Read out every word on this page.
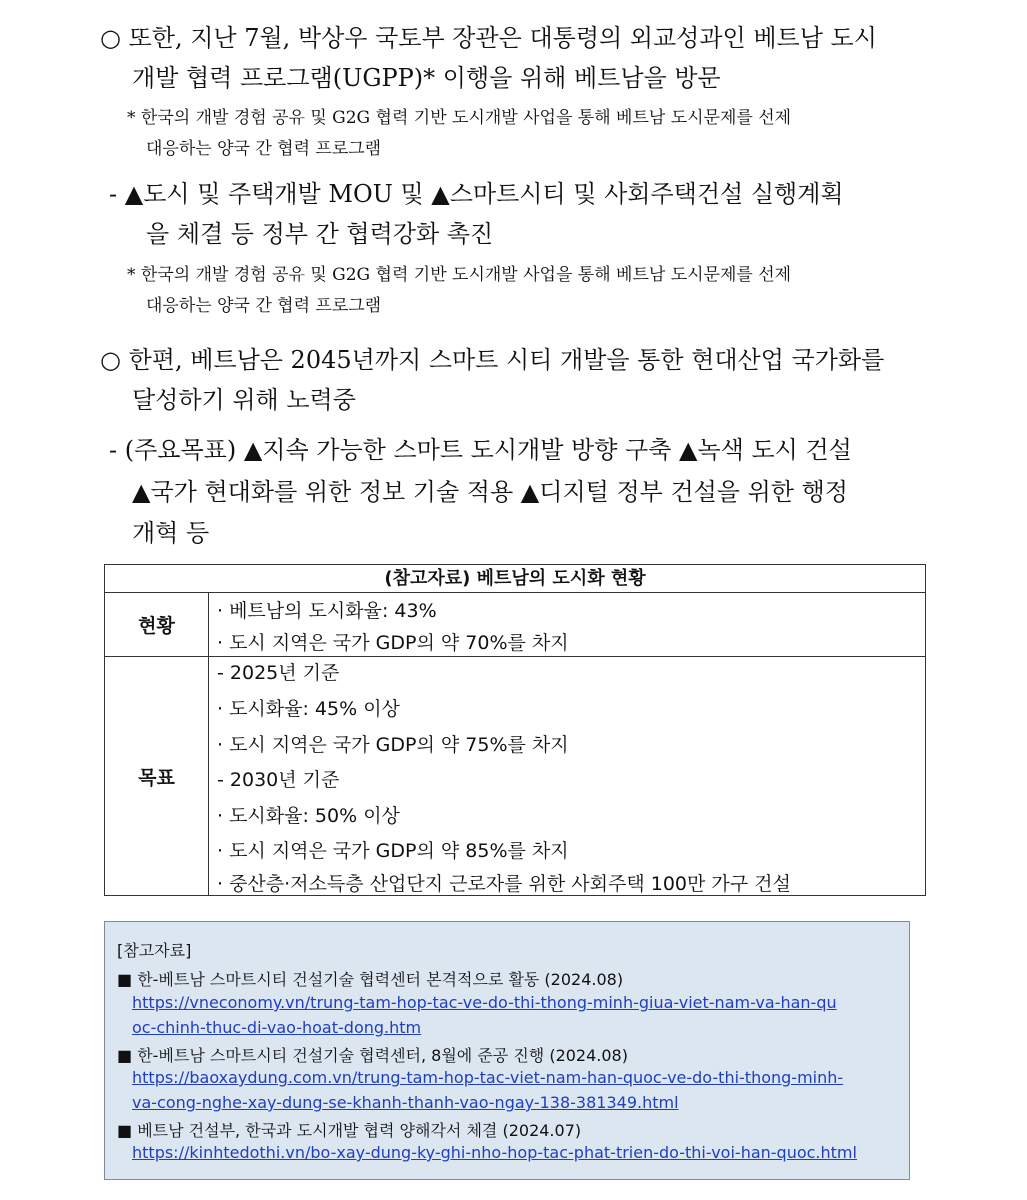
○ 또한, 지난 7월, 박상우 국토부 장관은 대통령의 외교성과인 베트남 도시
개발 협력 프로그램(UGPP)* 이행을 위해 베트남을 방문
* 한국의 개발 경험 공유 및 G2G 협력 기반 도시개발 사업을 통해 베트남 도시문제를 선제
대응하는 양국 간 협력 프로그램
- ▲도시 및 주택개발 MOU 및 ▲스마트시티 및 사회주택건설 실행계획
을 체결 등 정부 간 협력강화 촉진
* 한국의 개발 경험 공유 및 G2G 협력 기반 도시개발 사업을 통해 베트남 도시문제를 선제
대응하는 양국 간 협력 프로그램
○ 한편, 베트남은 2045년까지 스마트 시티 개발을 통한 현대산업 국가화를
달성하기 위해 노력중
- (주요목표) ▲지속 가능한 스마트 도시개발 방향 구축 ▲녹색 도시 건설
▲국가 현대화를 위한 정보 기술 적용 ▲디지털 정부 건설을 위한 행정
개혁 등
(참고자료) 베트남의 도시화 현황
현황
· 베트남의 도시화율: 43%
· 도시 지역은 국가 GDP의 약 70%를 차지
목표
- 2025년 기준
· 도시화율: 45% 이상
· 도시 지역은 국가 GDP의 약 75%를 차지
- 2030년 기준
· 도시화율: 50% 이상
· 도시 지역은 국가 GDP의 약 85%를 차지
· 중산층·저소득층 산업단지 근로자를 위한 사회주택 100만 가구 건설
[참고자료]
■ 한-베트남 스마트시티 건설기술 협력센터 본격적으로 활동 (2024.08)
https://vneconomy.vn/trung-tam-hop-tac-ve-do-thi-thong-minh-giua-viet-nam-va-han-qu
oc-chinh-thuc-di-vao-hoat-dong.htm
■ 한-베트남 스마트시티 건설기술 협력센터, 8월에 준공 진행 (2024.08)
https://baoxaydung.com.vn/trung-tam-hop-tac-viet-nam-han-quoc-ve-do-thi-thong-minh-
va-cong-nghe-xay-dung-se-khanh-thanh-vao-ngay-138-381349.html
■ 베트남 건설부, 한국과 도시개발 협력 양해각서 체결 (2024.07)
https://kinhtedothi.vn/bo-xay-dung-ky-ghi-nho-hop-tac-phat-trien-do-thi-voi-han-quoc.html
